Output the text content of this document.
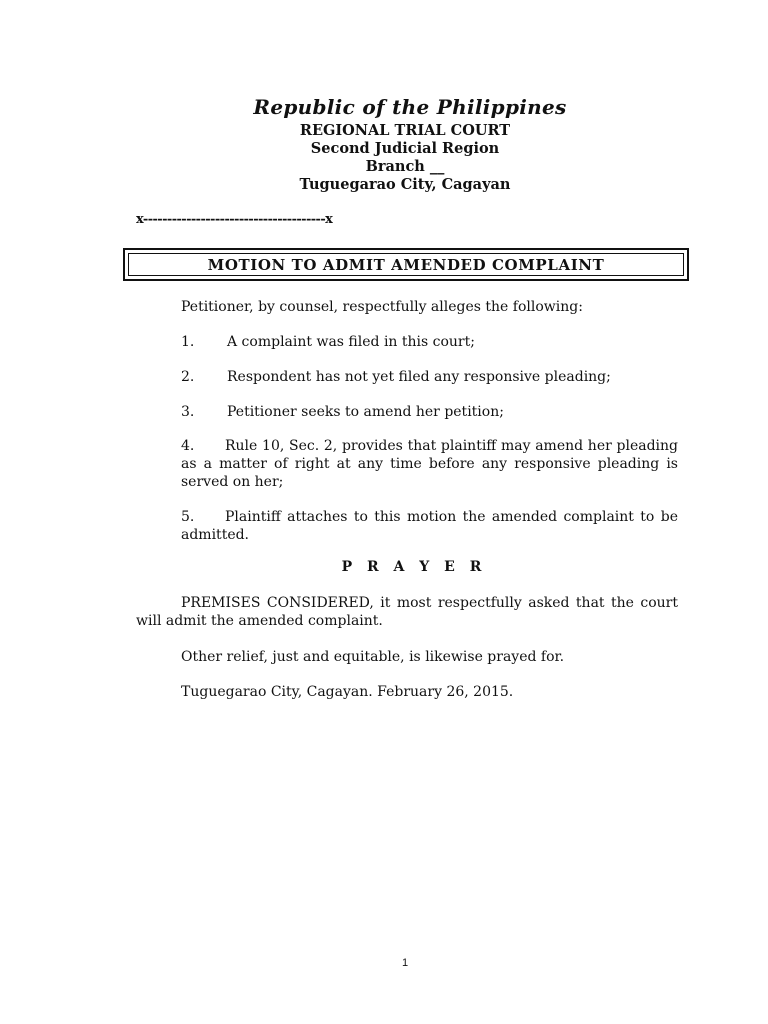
Republic of the Philippines
REGIONAL TRIAL COURT
Second Judicial Region
Branch __
Tuguegarao City, Cagayan
x--------------------------------------x
MOTION TO ADMIT AMENDED COMPLAINT
Petitioner, by counsel, respectfully alleges the following:
1. A complaint was filed in this court;
2. Respondent has not yet filed any responsive pleading;
3. Petitioner seeks to amend her petition;
4. Rule 10, Sec. 2, provides that plaintiff may amend her pleading as a matter of right at any time before any responsive pleading is served on her;
5. Plaintiff attaches to this motion the amended complaint to be admitted.
P R A Y E R
PREMISES CONSIDERED, it most respectfully asked that the court will admit the amended complaint.
Other relief, just and equitable, is likewise prayed for.
Tuguegarao City, Cagayan. February 26, 2015.
1
